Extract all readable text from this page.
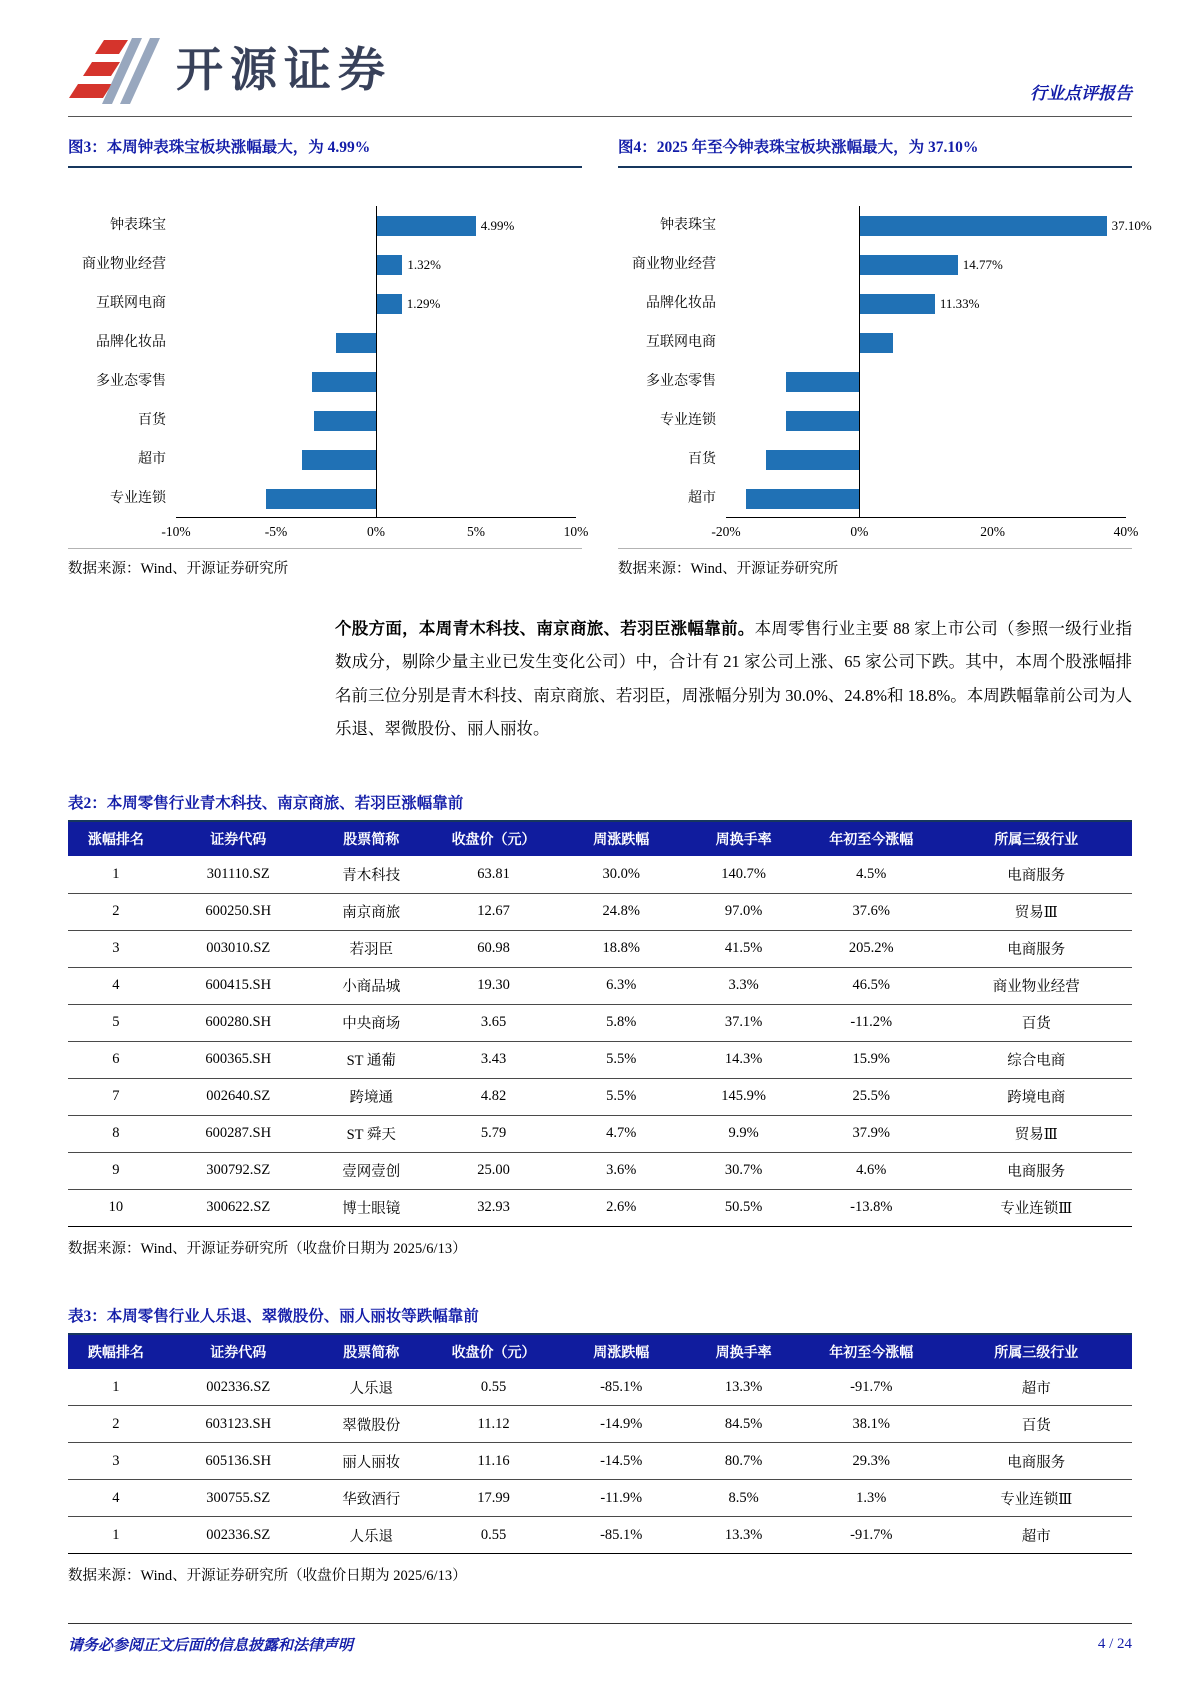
开源证券	行业点评报告
图3：本周钟表珠宝板块涨幅最大，为 4.99%
钟表珠宝
商业物业经营
互联网电商
品牌化妆品
多业态零售
百货
超市
专业连锁
-10%	-5%	0%	5%	10%
4.99%
1.32%
1.29%
数据来源：Wind、开源证券研究所
图4：2025 年至今钟表珠宝板块涨幅最大，为 37.10%
钟表珠宝
商业物业经营
品牌化妆品
互联网电商
多业态零售
专业连锁
百货
超市
-20%	0%	20%	40%
37.10%
14.77%
11.33%
数据来源：Wind、开源证券研究所

个股方面，本周青木科技、南京商旅、若羽臣涨幅靠前。本周零售行业主要 88 家上市公司（参照一级行业指数成分，剔除少量主业已发生变化公司）中，合计有 21 家公司上涨、65 家公司下跌。其中，本周个股涨幅排名前三位分别是青木科技、南京商旅、若羽臣，周涨幅分别为 30.0%、24.8%和 18.8%。本周跌幅靠前公司为人乐退、翠微股份、丽人丽妆。

表2：本周零售行业青木科技、南京商旅、若羽臣涨幅靠前
涨幅排名	证券代码	股票简称	收盘价（元）	周涨跌幅	周换手率	年初至今涨幅	所属三级行业
1	301110.SZ	青木科技	63.81	30.0%	140.7%	4.5%	电商服务
2	600250.SH	南京商旅	12.67	24.8%	97.0%	37.6%	贸易Ⅲ
3	003010.SZ	若羽臣	60.98	18.8%	41.5%	205.2%	电商服务
4	600415.SH	小商品城	19.30	6.3%	3.3%	46.5%	商业物业经营
5	600280.SH	中央商场	3.65	5.8%	37.1%	-11.2%	百货
6	600365.SH	ST 通葡	3.43	5.5%	14.3%	15.9%	综合电商
7	002640.SZ	跨境通	4.82	5.5%	145.9%	25.5%	跨境电商
8	600287.SH	ST 舜天	5.79	4.7%	9.9%	37.9%	贸易Ⅲ
9	300792.SZ	壹网壹创	25.00	3.6%	30.7%	4.6%	电商服务
10	300622.SZ	博士眼镜	32.93	2.6%	50.5%	-13.8%	专业连锁Ⅲ
数据来源：Wind、开源证券研究所（收盘价日期为 2025/6/13）
表3：本周零售行业人乐退、翠微股份、丽人丽妆等跌幅靠前
跌幅排名	证券代码	股票简称	收盘价（元）	周涨跌幅	周换手率	年初至今涨幅	所属三级行业
1	002336.SZ	人乐退	0.55	-85.1%	13.3%	-91.7%	超市
2	603123.SH	翠微股份	11.12	-14.9%	84.5%	38.1%	百货
3	605136.SH	丽人丽妆	11.16	-14.5%	80.7%	29.3%	电商服务
4	300755.SZ	华致酒行	17.99	-11.9%	8.5%	1.3%	专业连锁Ⅲ
1	002336.SZ	人乐退	0.55	-85.1%	13.3%	-91.7%	超市
数据来源：Wind、开源证券研究所（收盘价日期为 2025/6/13）
请务必参阅正文后面的信息披露和法律声明	4 / 24
